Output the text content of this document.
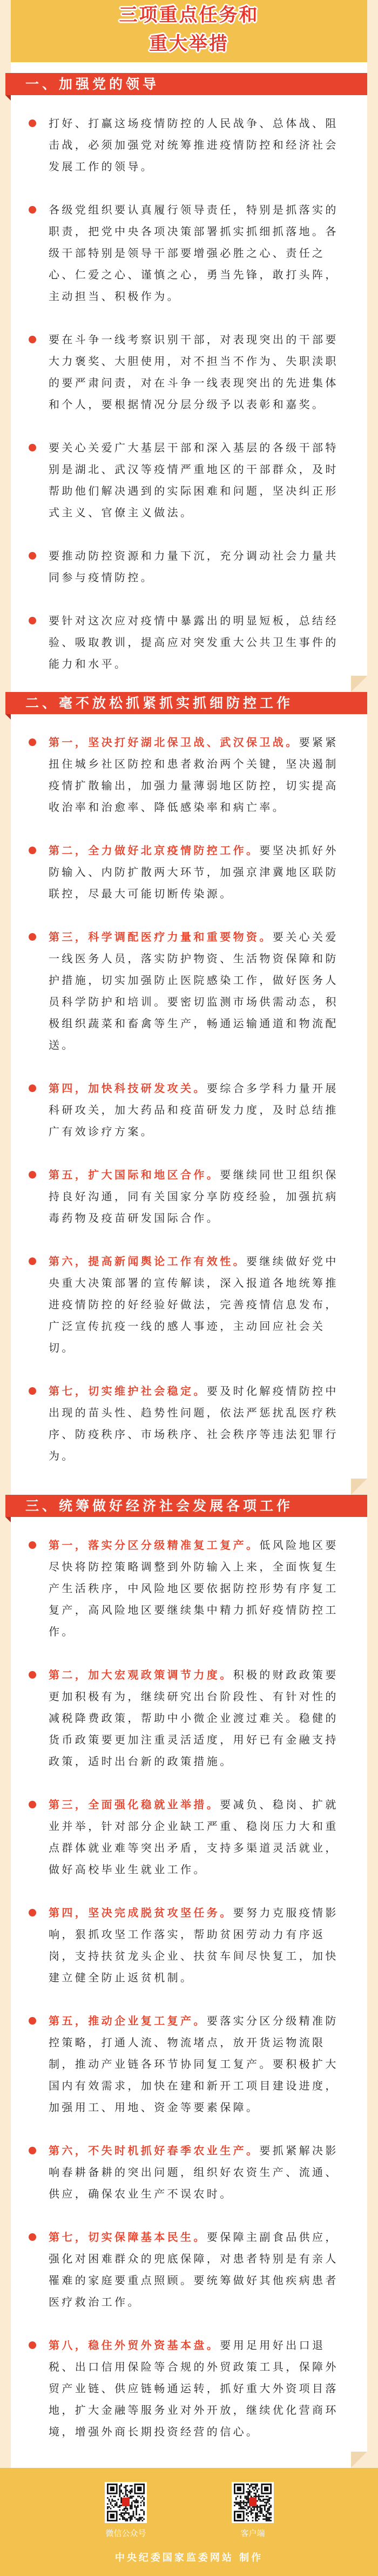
三项重点任务和
重大举措
一、加强党的领导
打好、打赢这场疫情防控的人民战争、总体战、阻击战，必须加强党对统筹推进疫情防控和经济社会发展工作的领导。
各级党组织要认真履行领导责任，特别是抓落实的职责，把党中央各项决策部署抓实抓细抓落地。各级干部特别是领导干部要增强必胜之心、责任之心、仁爱之心、谨慎之心，勇当先锋，敢打头阵，主动担当、积极作为。
要在斗争一线考察识别干部，对表现突出的干部要大力褒奖、大胆使用，对不担当不作为、失职渎职的要严肃问责，对在斗争一线表现突出的先进集体和个人，要根据情况分层分级予以表彰和嘉奖。
要关心关爱广大基层干部和深入基层的各级干部特别是湖北、武汉等疫情严重地区的干部群众，及时帮助他们解决遇到的实际困难和问题，坚决纠正形式主义、官僚主义做法。
要推动防控资源和力量下沉，充分调动社会力量共同参与疫情防控。
要针对这次应对疫情中暴露出的明显短板，总结经验、吸取教训，提高应对突发重大公共卫生事件的能力和水平。
二、毫不放松抓紧抓实抓细防控工作
第一，坚决打好湖北保卫战、武汉保卫战。要紧紧扭住城乡社区防控和患者救治两个关键，坚决遏制疫情扩散输出，加强力量薄弱地区防控，切实提高收治率和治愈率、降低感染率和病亡率。
第二，全力做好北京疫情防控工作。要坚决抓好外防输入、内防扩散两大环节，加强京津冀地区联防联控，尽最大可能切断传染源。
第三，科学调配医疗力量和重要物资。要关心关爱一线医务人员，落实防护物资、生活物资保障和防护措施，切实加强防止医院感染工作，做好医务人员科学防护和培训。要密切监测市场供需动态，积极组织蔬菜和畜禽等生产，畅通运输通道和物流配送。
第四，加快科技研发攻关。要综合多学科力量开展科研攻关，加大药品和疫苗研发力度，及时总结推广有效诊疗方案。
第五，扩大国际和地区合作。要继续同世卫组织保持良好沟通，同有关国家分享防疫经验，加强抗病毒药物及疫苗研发国际合作。
第六，提高新闻舆论工作有效性。要继续做好党中央重大决策部署的宣传解读，深入报道各地统筹推进疫情防控的好经验好做法，完善疫情信息发布，广泛宣传抗疫一线的感人事迹，主动回应社会关切。
第七，切实维护社会稳定。要及时化解疫情防控中出现的苗头性、趋势性问题，依法严惩扰乱医疗秩序、防疫秩序、市场秩序、社会秩序等违法犯罪行为。
三、统筹做好经济社会发展各项工作
第一，落实分区分级精准复工复产。低风险地区要尽快将防控策略调整到外防输入上来，全面恢复生产生活秩序，中风险地区要依据防控形势有序复工复产，高风险地区要继续集中精力抓好疫情防控工作。
第二，加大宏观政策调节力度。积极的财政政策要更加积极有为，继续研究出台阶段性、有针对性的减税降费政策，帮助中小微企业渡过难关。稳健的货币政策要更加注重灵活适度，用好已有金融支持政策，适时出台新的政策措施。
第三，全面强化稳就业举措。要减负、稳岗、扩就业并举，针对部分企业缺工严重、稳岗压力大和重点群体就业难等突出矛盾，支持多渠道灵活就业，做好高校毕业生就业工作。
第四，坚决完成脱贫攻坚任务。要努力克服疫情影响，狠抓攻坚工作落实，帮助贫困劳动力有序返岗，支持扶贫龙头企业、扶贫车间尽快复工，加快建立健全防止返贫机制。
第五，推动企业复工复产。要落实分区分级精准防控策略，打通人流、物流堵点，放开货运物流限制，推动产业链各环节协同复工复产。要积极扩大国内有效需求，加快在建和新开工项目建设进度，加强用工、用地、资金等要素保障。
第六，不失时机抓好春季农业生产。要抓紧解决影响春耕备耕的突出问题，组织好农资生产、流通、供应，确保农业生产不误农时。
第七，切实保障基本民生。要保障主副食品供应，强化对困难群众的兜底保障，对患者特别是有亲人罹难的家庭要重点照顾。要统筹做好其他疾病患者医疗救治工作。
第八，稳住外贸外资基本盘。要用足用好出口退税、出口信用保险等合规的外贸政策工具，保障外贸产业链、供应链畅通运转，抓好重大外资项目落地，扩大金融等服务业对外开放，继续优化营商环境，增强外商长期投资经营的信心。
微信公众号	客户端
中央纪委国家监委网站 制作
